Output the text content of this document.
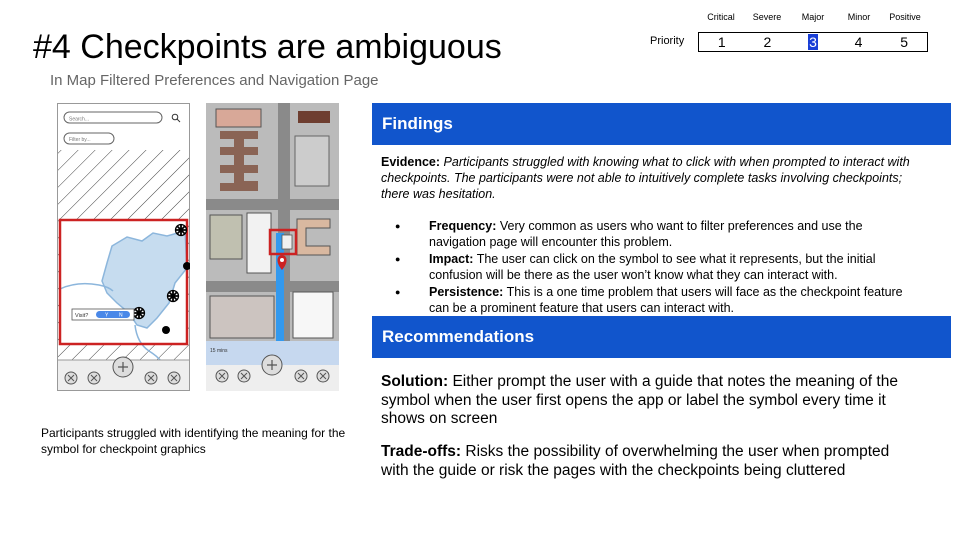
#4 Checkpoints are ambiguous
In Map Filtered Preferences and Navigation Page
Critical	Severe	Major	Minor	Positive
Priority	1	2	3	4	5
Search...
Filter by...
Visit?	Y N
15 mins
Participants struggled with identifying the meaning for the symbol for checkpoint graphics
Findings
Evidence: Participants struggled with knowing what to click with when prompted to interact with checkpoints. The participants were not able to intuitively complete tasks involving checkpoints; there was hesitation.
● Frequency: Very common as users who want to filter preferences and use the navigation page will encounter this problem.
● Impact: The user can click on the symbol to see what it represents, but the initial confusion will be there as the user won’t know what they can interact with.
● Persistence: This is a one time problem that users will face as the checkpoint feature can be a prominent feature that users can interact with.
Recommendations
Solution: Either prompt the user with a guide that notes the meaning of the symbol when the user first opens the app or label the symbol every time it shows on screen
Trade-offs: Risks the possibility of overwhelming the user when prompted with the guide or risk the pages with the checkpoints being cluttered
